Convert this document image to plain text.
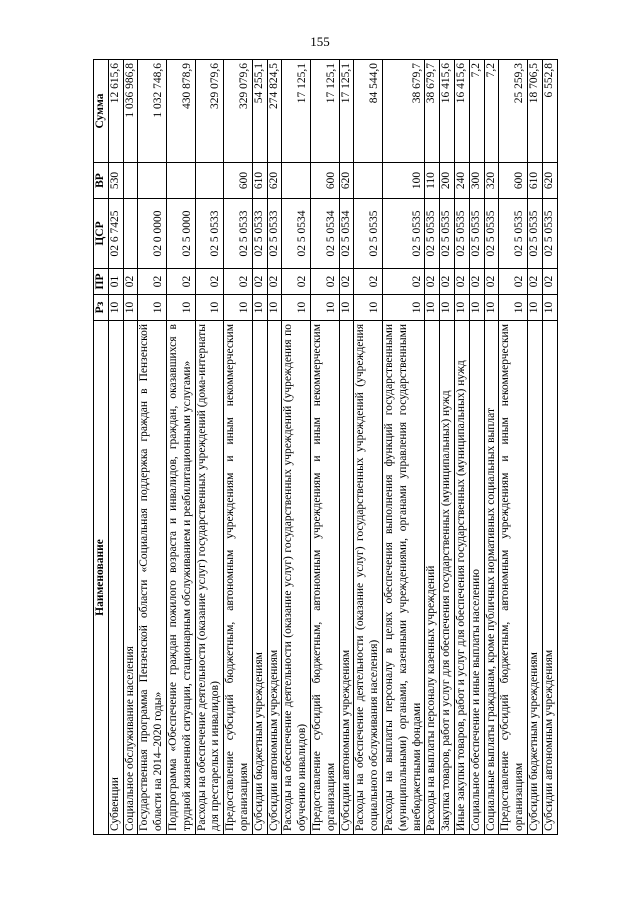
155
Наименование	Рз	ПР	ЦСР	ВР	Сумма
Субвенции	10	01	02 6 7425	530	12 615,6
Социальное обслуживание населения	10	02			1 036 986,8
Государственная программа Пензенской области «Социальная поддержка граждан в Пензенской области на 2014–2020 годы»	10	02	02 0 0000		1 032 748,6
Подпрограмма «Обеспечение граждан пожилого возраста и инвалидов, граждан, оказавшихся в трудной жизненной ситуации, стационарным обслуживанием и реабилитационными услугами»	10	02	02 5 0000		430 878,9
Расходы на обеспечение деятельности (оказание услуг) государственных учреждений (дома-интернаты для престарелых и инвалидов)	10	02	02 5 0533		329 079,6
Предоставление субсидий бюджетным, автономным учреждениям и иным некоммерческим организациям	10	02	02 5 0533	600	329 079,6
Субсидии бюджетным учреждениям	10	02	02 5 0533	610	54 255,1
Субсидии автономным учреждениям	10	02	02 5 0533	620	274 824,5
Расходы на обеспечение деятельности (оказание услуг) государственных учреждений (учреждения по обучению инвалидов)	10	02	02 5 0534		17 125,1
Предоставление субсидий бюджетным, автономным учреждениям и иным некоммерческим организациям	10	02	02 5 0534	600	17 125,1
Субсидии автономным учреждениям	10	02	02 5 0534	620	17 125,1
Расходы на обеспечение деятельности (оказание услуг) государственных учреждений (учреждения социального обслуживания населения)	10	02	02 5 0535		84 544,0
Расходы на выплаты персоналу в целях обеспечения выполнения функций государственными (муниципальными) органами, казенными учреждениями, органами управления государственными внебюджетными фондами	10	02	02 5 0535	100	38 679,7
Расходы на выплаты персоналу казенных учреждений	10	02	02 5 0535	110	38 679,7
Закупка товаров, работ и услуг для обеспечения государственных (муниципальных) нужд	10	02	02 5 0535	200	16 415,6
Иные закупки товаров, работ и услуг для обеспечения государственных (муниципальных) нужд	10	02	02 5 0535	240	16 415,6
Социальное обеспечение и иные выплаты населению	10	02	02 5 0535	300	7,2
Социальные выплаты гражданам, кроме публичных нормативных социальных выплат	10	02	02 5 0535	320	7,2
Предоставление субсидий бюджетным, автономным учреждениям и иным некоммерческим организациям	10	02	02 5 0535	600	25 259,3
Субсидии бюджетным учреждениям	10	02	02 5 0535	610	18 706,5
Субсидии автономным учреждениям	10	02	02 5 0535	620	6 552,8
